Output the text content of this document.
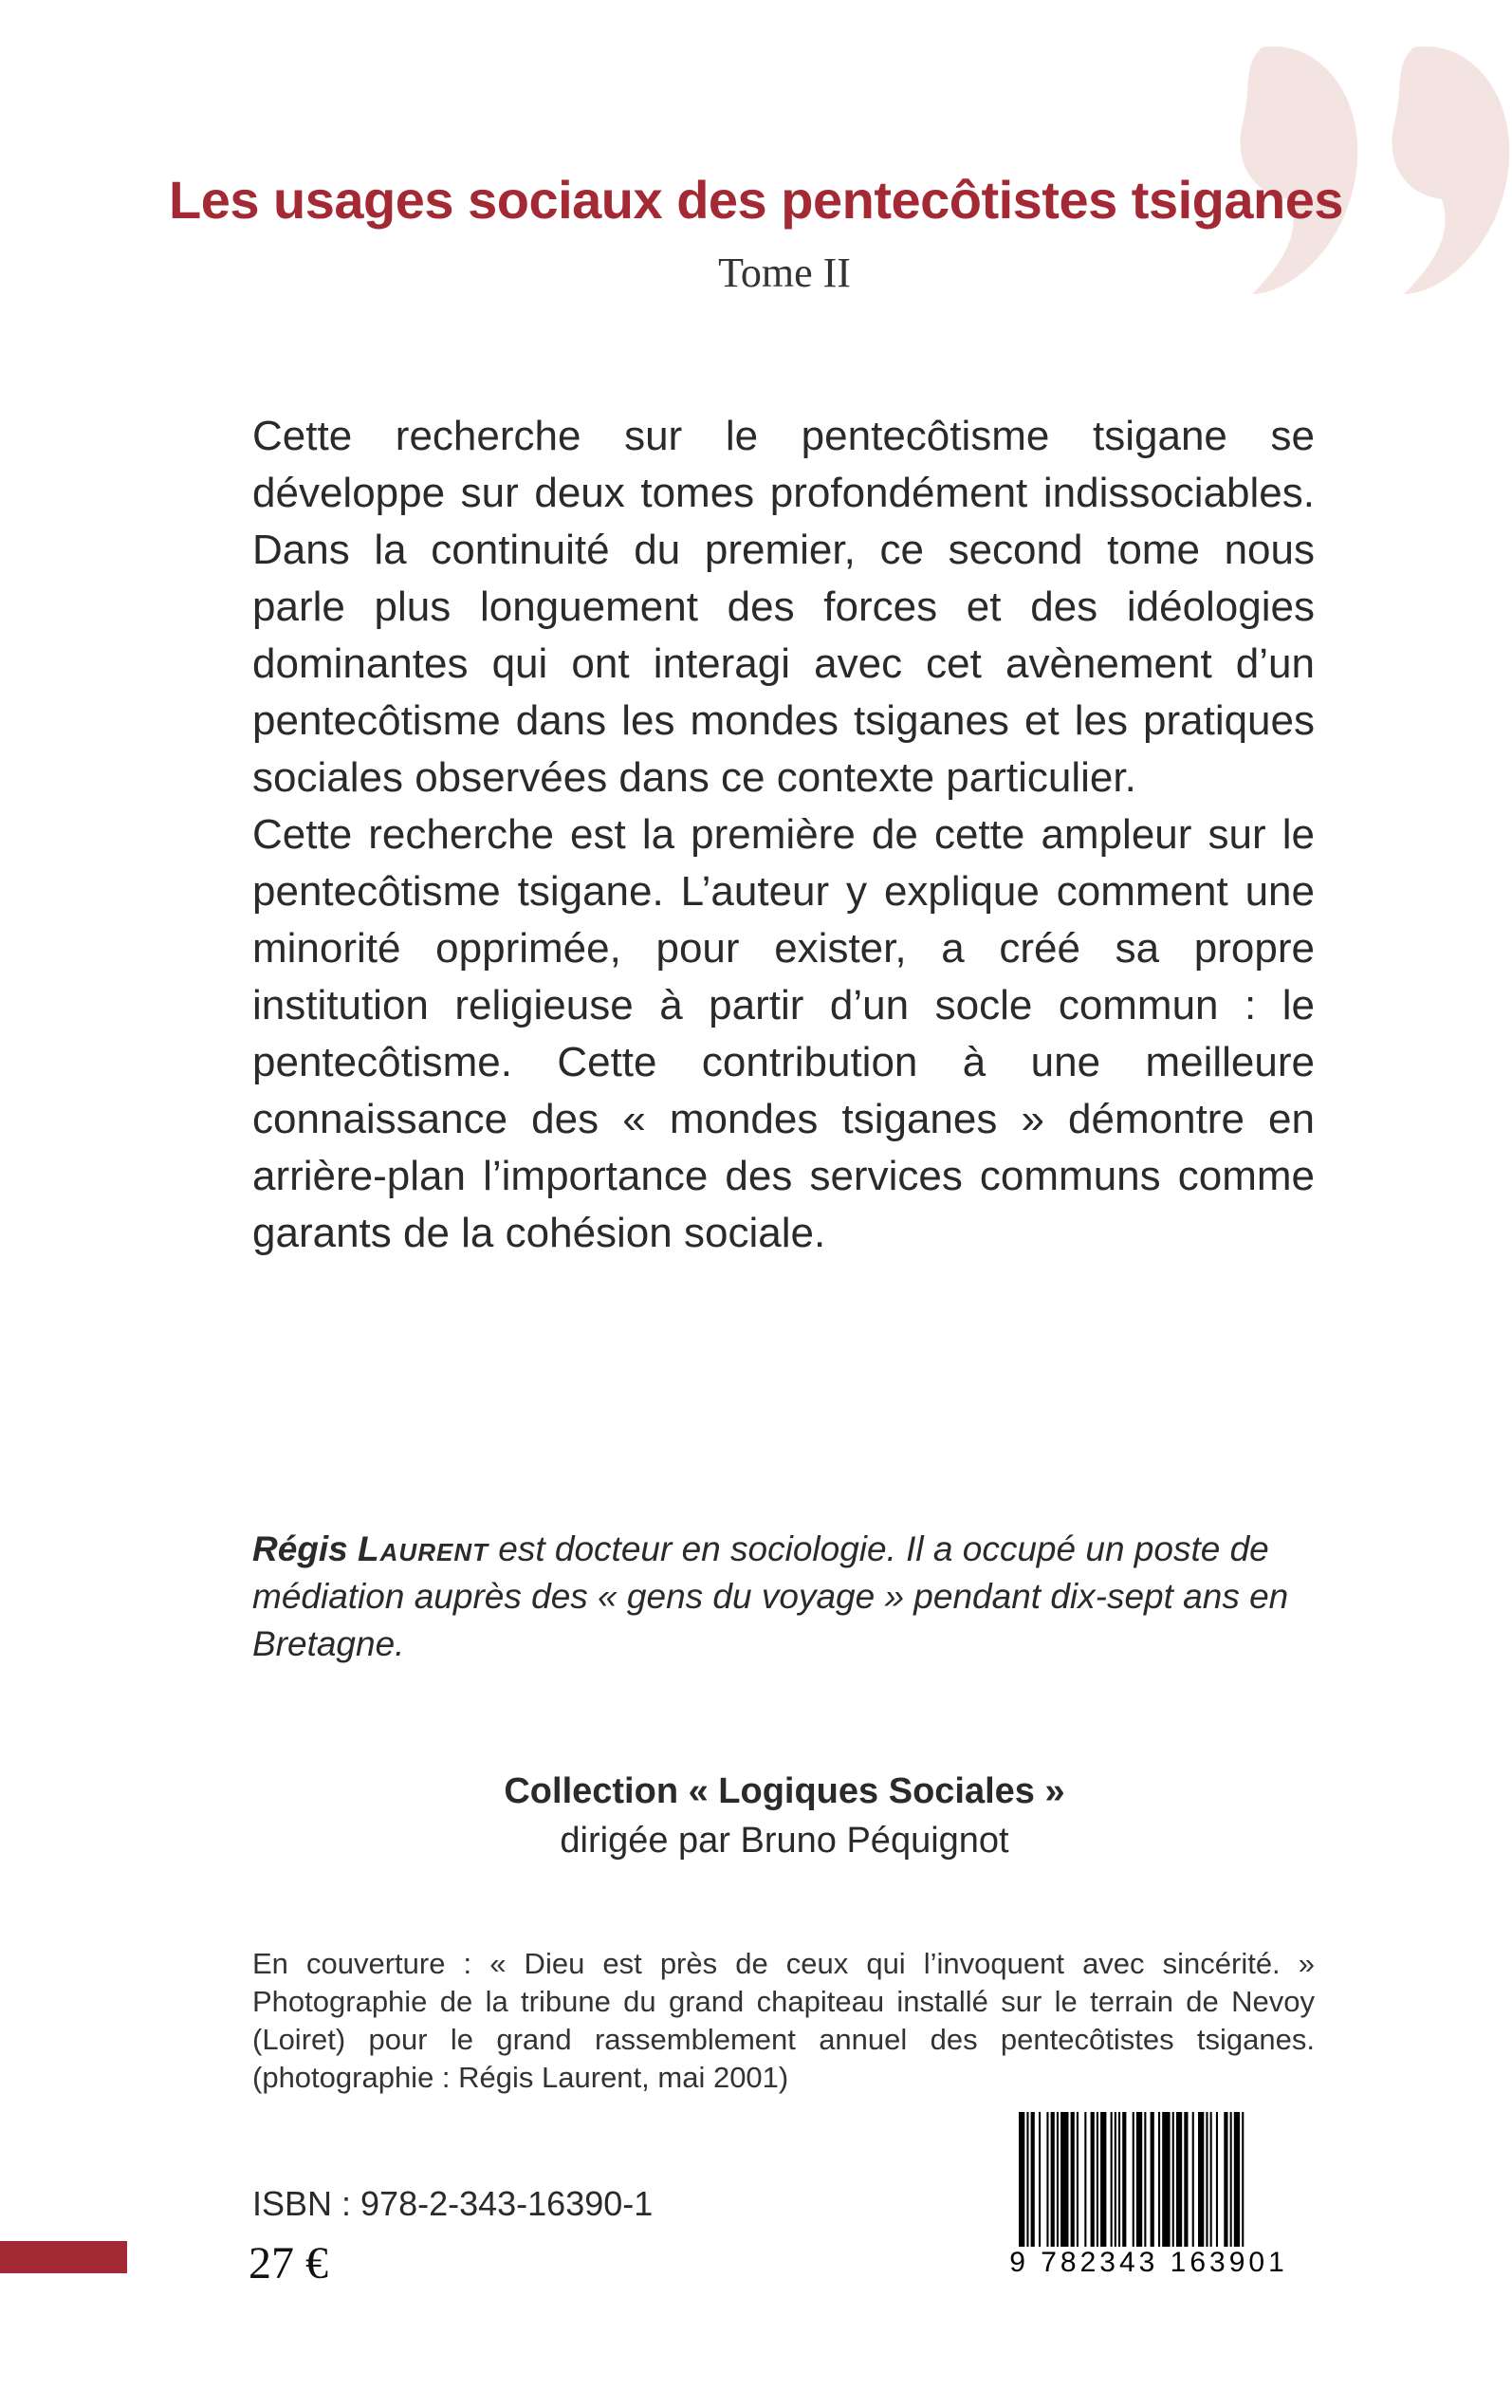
Les usages sociaux des pentecôtistes tsiganes
Tome II

Cette recherche sur le pentecôtisme tsigane se développe sur deux tomes profondément indissociables. Dans la continuité du premier, ce second tome nous parle plus longuement des forces et des idéologies dominantes qui ont interagi avec cet avènement d’un pentecôtisme dans les mondes tsiganes et les pratiques sociales observées dans ce contexte particulier.

Cette recherche est la première de cette ampleur sur le pentecôtisme tsigane. L’auteur y explique comment une minorité opprimée, pour exister, a créé sa propre institution religieuse à partir d’un socle commun : le pentecôtisme. Cette contribution à une meilleure connaissance des « mondes tsiganes » démontre en arrière-plan l’importance des services communs comme garants de la cohésion sociale.

Régis Laurent est docteur en sociologie. Il a occupé un poste de médiation auprès des « gens du voyage » pendant dix-sept ans en Bretagne.
Collection « Logiques Sociales »
dirigée par Bruno Péquignot
En couverture : « Dieu est près de ceux qui l’invoquent avec sincérité. »
Photographie de la tribune du grand chapiteau installé sur le terrain de Nevoy
(Loiret) pour le grand rassemblement annuel des pentecôtistes tsiganes.
(photographie : Régis Laurent, mai 2001)
9 782343 163901
ISBN : 978-2-343-16390-1
27 €
